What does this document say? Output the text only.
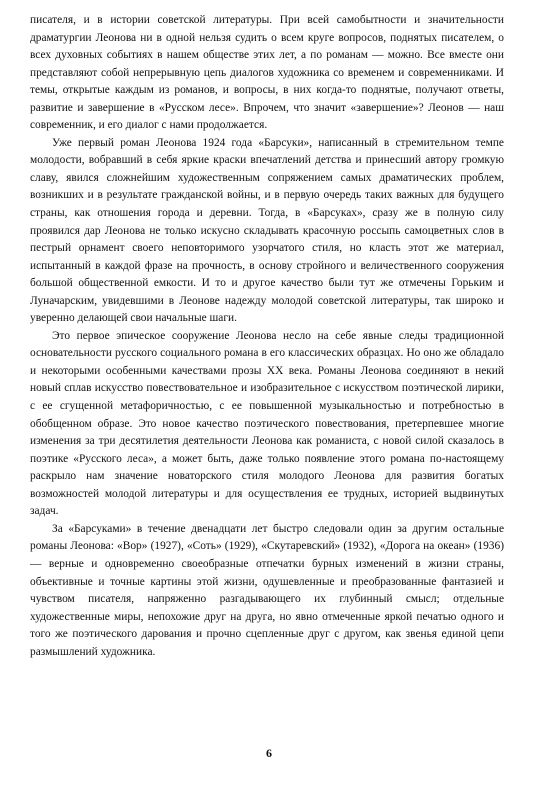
писателя, и в истории советской литературы. При всей самобытности и значительности драматургии Леонова ни в одной нельзя судить о всем круге вопросов, поднятых писателем, о всех духовных событиях в нашем обществе этих лет, а по романам — можно. Все вместе они представляют собой непрерывную цепь диалогов художника со временем и современниками. И темы, открытые каждым из романов, и вопросы, в них когда-то поднятые, получают ответы, развитие и завершение в «Русском лесе». Впрочем, что значит «завершение»? Леонов — наш современник, и его диалог с нами продолжается.

Уже первый роман Леонова 1924 года «Барсуки», написанный в стремительном темпе молодости, вобравший в себя яркие краски впечатлений детства и принесший автору громкую славу, явился сложнейшим художественным сопряжением самых драматических проблем, возникших и в результате гражданской войны, и в первую очередь таких важных для будущего страны, как отношения города и деревни. Тогда, в «Барсуках», сразу же в полную силу проявился дар Леонова не только искусно складывать красочную россыпь самоцветных слов в пестрый орнамент своего неповторимого узорчатого стиля, но класть этот же материал, испытанный в каждой фразе на прочность, в основу стройного и величественного сооружения большой общественной емкости. И то и другое качество были тут же отмечены Горьким и Луначарским, увидевшими в Леонове надежду молодой советской литературы, так широко и уверенно делающей свои начальные шаги.

Это первое эпическое сооружение Леонова несло на себе явные следы традиционной основательности русского социального романа в его классических образцах. Но оно же обладало и некоторыми особенными качествами прозы XX века. Романы Леонова соединяют в некий новый сплав искусство повествовательное и изобразительное с искусством поэтической лирики, с ее сгущенной метафоричностью, с ее повышенной музыкальностью и потребностью в обобщенном образе. Это новое качество поэтического повествования, претерпевшее многие изменения за три десятилетия деятельности Леонова как романиста, с новой силой сказалось в поэтике «Русского леса», а может быть, даже только появление этого романа по-настоящему раскрыло нам значение новаторского стиля молодого Леонова для развития богатых возможностей молодой литературы и для осуществления ее трудных, историей выдвинутых задач.

За «Барсуками» в течение двенадцати лет быстро следовали один за другим остальные романы Леонова: «Вор» (1927), «Соть» (1929), «Скутаревский» (1932), «Дорога на океан» (1936) — верные и одновременно своеобразные отпечатки бурных изменений в жизни страны, объективные и точные картины этой жизни, одушевленные и преобразованные фантазией и чувством писателя, напряженно разгадывающего их глубинный смысл; отдельные художественные миры, непохожие друг на друга, но явно отмеченные яркой печатью одного и того же поэтического дарования и прочно сцепленные друг с другом, как звенья единой цепи размышлений художника.

6
